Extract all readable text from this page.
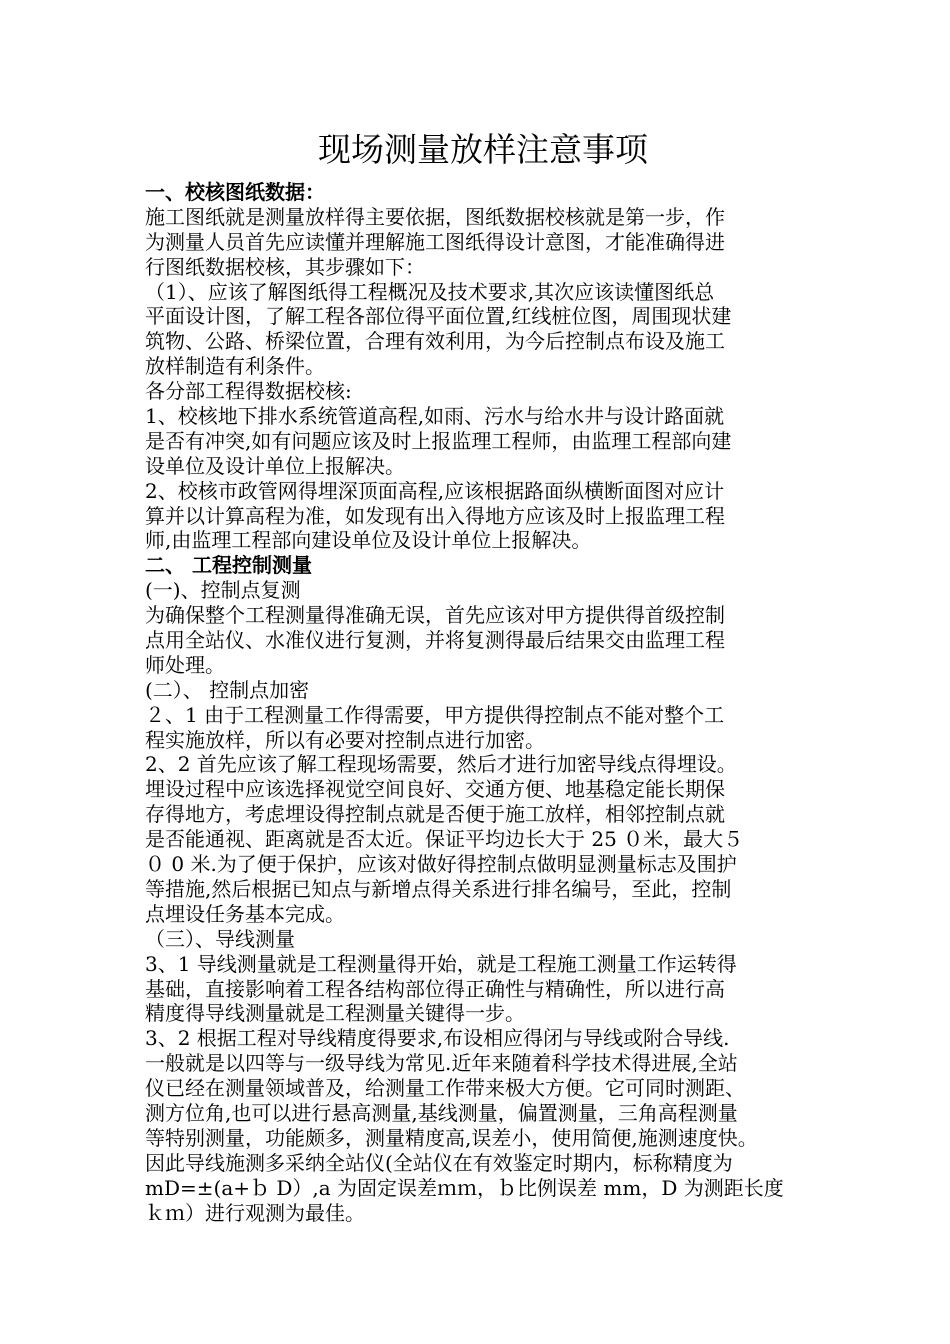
现场测量放样注意事项
一、校核图纸数据：
施工图纸就是测量放样得主要依据，图纸数据校核就是第一步，作
为测量人员首先应读懂并理解施工图纸得设计意图，才能准确得进
行图纸数据校核，其步骤如下：
（1）、应该了解图纸得工程概况及技术要求,其次应该读懂图纸总
平面设计图，了解工程各部位得平面位置,红线桩位图，周围现状建
筑物、公路、桥梁位置，合理有效利用，为今后控制点布设及施工
放样制造有利条件。
各分部工程得数据校核:
1、校核地下排水系统管道高程,如雨、污水与给水井与设计路面就
是否有冲突,如有问题应该及时上报监理工程师，由监理工程部向建
设单位及设计单位上报解决。
2、校核市政管网得埋深顶面高程,应该根据路面纵横断面图对应计
算并以计算高程为准，如发现有出入得地方应该及时上报监理工程
师,由监理工程部向建设单位及设计单位上报解决。
二、 工程控制测量
(一)、控制点复测
为确保整个工程测量得准确无误，首先应该对甲方提供得首级控制
点用全站仪、水准仪进行复测，并将复测得最后结果交由监理工程
师处理。
(二）、 控制点加密
２、1 由于工程测量工作得需要，甲方提供得控制点不能对整个工
程实施放样，所以有必要对控制点进行加密。
2、2 首先应该了解工程现场需要，然后才进行加密导线点得埋设。
埋设过程中应该选择视觉空间良好、交通方便、地基稳定能长期保
存得地方，考虑埋设得控制点就是否便于施工放样，相邻控制点就
是否能通视、距离就是否太近。保证平均边长大于 25 ０米，最大５
０ 0 米.为了便于保护，应该对做好得控制点做明显测量标志及围护
等措施,然后根据已知点与新增点得关系进行排名编号，至此，控制
点埋设任务基本完成。
（三）、导线测量
3、1 导线测量就是工程测量得开始，就是工程施工测量工作运转得
基础，直接影响着工程各结构部位得正确性与精确性，所以进行高
精度得导线测量就是工程测量关键得一步。
3、2 根据工程对导线精度得要求,布设相应得闭与导线或附合导线.
一般就是以四等与一级导线为常见.近年来随着科学技术得进展,全站
仪已经在测量领域普及，给测量工作带来极大方便。它可同时测距、
测方位角,也可以进行悬高测量,基线测量，偏置测量，三角高程测量
等特别测量，功能颇多，测量精度高,误差小，使用简便,施测速度快。
因此导线施测多采纳全站仪(全站仪在有效鉴定时期内，标称精度为
mD=±(a+ｂ D）,a 为固定误差ｍｍ，ｂ比例误差 mm，D 为测距长度
ｋｍ）进行观测为最佳。
